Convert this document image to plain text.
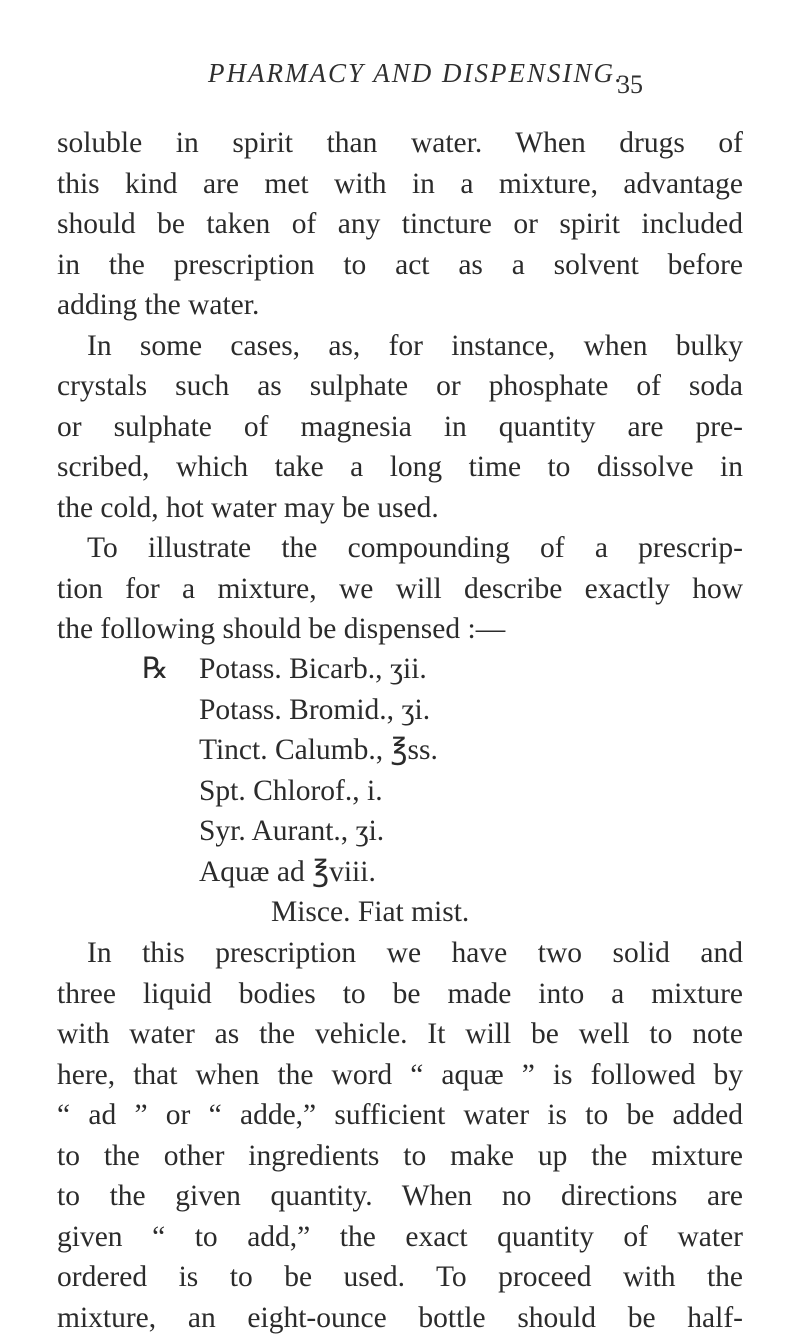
PHARMACY AND DISPENSING.
35
soluble in spirit than water. When drugs of
this kind are met with in a mixture, advantage
should be taken of any tincture or spirit included
in the prescription to act as a solvent before
adding the water.
In some cases, as, for instance, when bulky
crystals such as sulphate or phosphate of soda
or sulphate of magnesia in quantity are pre-
scribed, which take a long time to dissolve in
the cold, hot water may be used.
To illustrate the compounding of a prescrip-
tion for a mixture, we will describe exactly how
the following should be dispensed :—
℞ Potass. Bicarb., ʒii.
Potass. Bromid., ʒi.
Tinct. Calumb., ℥ss.
Spt. Chlorof., i.
Syr. Aurant., ʒi.
Aquæ ad ℥viii.
Misce. Fiat mist.
In this prescription we have two solid and
three liquid bodies to be made into a mixture
with water as the vehicle. It will be well to note
here, that when the word “ aquæ ” is followed by
“ ad ” or “ adde,” sufficient water is to be added
to the other ingredients to make up the mixture
to the given quantity. When no directions are
given “ to add,” the exact quantity of water
ordered is to be used. To proceed with the
mixture, an eight-ounce bottle should be half-
